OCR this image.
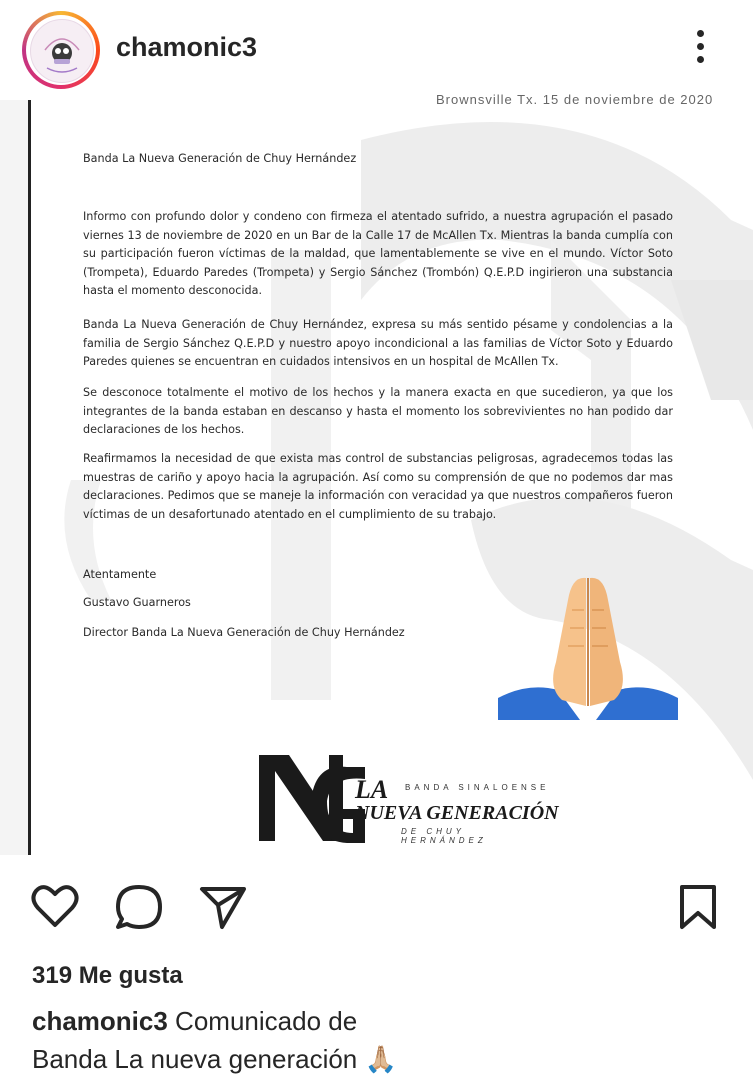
chamonic3
Brownsville Tx. 15 de noviembre de 2020
Banda La Nueva Generación de Chuy Hernández
Informo con profundo dolor y condeno con firmeza el atentado sufrido, a nuestra agrupación el pasado viernes 13 de noviembre de 2020 en un Bar de la Calle 17 de McAllen Tx. Mientras la banda cumplía con su participación fueron víctimas de la maldad, que lamentablemente se vive en el mundo. Víctor Soto (Trompeta), Eduardo Paredes (Trompeta) y Sergio Sánchez (Trombón) Q.E.P.D ingirieron una substancia hasta el momento desconocida.
Banda La Nueva Generación de Chuy Hernández, expresa su más sentido pésame y condolencias a la familia de Sergio Sánchez Q.E.P.D y nuestro apoyo incondicional a las familias de Víctor Soto y Eduardo Paredes quienes se encuentran en cuidados intensivos en un hospital de McAllen Tx.
Se desconoce totalmente el motivo de los hechos y la manera exacta en que sucedieron, ya que los integrantes de la banda estaban en descanso y hasta el momento los sobrevivientes no han podido dar declaraciones de los hechos.
Reafirmamos la necesidad de que exista mas control de substancias peligrosas, agradecemos todas las muestras de cariño y apoyo hacia la agrupación. Así como su comprensión de que no podemos dar mas declaraciones. Pedimos que se maneje la información con veracidad ya que nuestros compañeros fueron víctimas de un desafortunado atentado en el cumplimiento de su trabajo.
Atentamente
Gustavo Guarneros
Director Banda La Nueva Generación de Chuy Hernández
LA BANDA SINALOENSE
NUEVA GENERACIÓN
DE CHUY HERNÁNDEZ
319 Me gusta
chamonic3 Comunicado de Banda La nueva generación 🙏🏼
